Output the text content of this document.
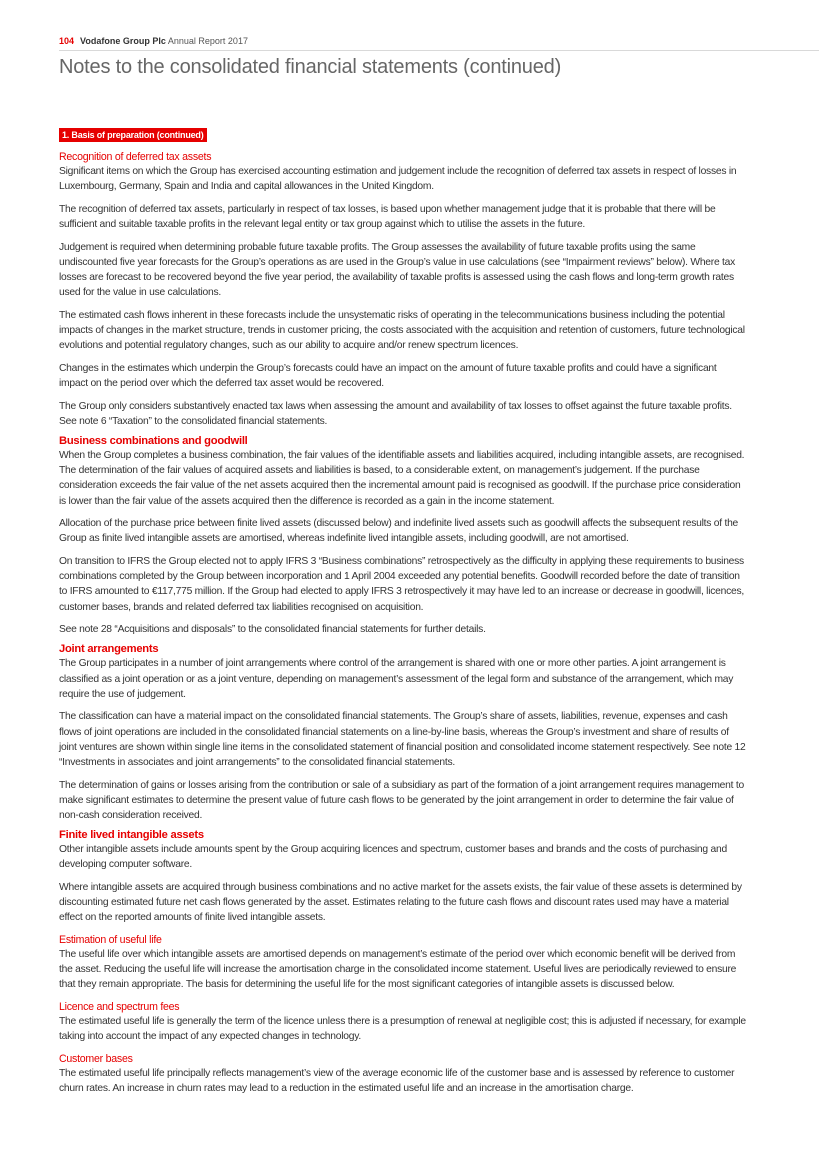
104 Vodafone Group Plc Annual Report 2017
Notes to the consolidated financial statements (continued)
1. Basis of preparation (continued)
Recognition of deferred tax assets

Significant items on which the Group has exercised accounting estimation and judgement include the recognition of deferred tax assets in respect of losses in Luxembourg, Germany, Spain and India and capital allowances in the United Kingdom.

The recognition of deferred tax assets, particularly in respect of tax losses, is based upon whether management judge that it is probable that there will be sufficient and suitable taxable profits in the relevant legal entity or tax group against which to utilise the assets in the future.

Judgement is required when determining probable future taxable profits. The Group assesses the availability of future taxable profits using the same undiscounted five year forecasts for the Group’s operations as are used in the Group’s value in use calculations (see “Impairment reviews” below). Where tax losses are forecast to be recovered beyond the five year period, the availability of taxable profits is assessed using the cash flows and long-term growth rates used for the value in use calculations.

The estimated cash flows inherent in these forecasts include the unsystematic risks of operating in the telecommunications business including the potential impacts of changes in the market structure, trends in customer pricing, the costs associated with the acquisition and retention of customers, future technological evolutions and potential regulatory changes, such as our ability to acquire and/or renew spectrum licences.

Changes in the estimates which underpin the Group’s forecasts could have an impact on the amount of future taxable profits and could have a significant impact on the period over which the deferred tax asset would be recovered.

The Group only considers substantively enacted tax laws when assessing the amount and availability of tax losses to offset against the future taxable profits. See note 6 “Taxation” to the consolidated financial statements.

Business combinations and goodwill

When the Group completes a business combination, the fair values of the identifiable assets and liabilities acquired, including intangible assets, are recognised. The determination of the fair values of acquired assets and liabilities is based, to a considerable extent, on management’s judgement. If the purchase consideration exceeds the fair value of the net assets acquired then the incremental amount paid is recognised as goodwill. If the purchase price consideration is lower than the fair value of the assets acquired then the difference is recorded as a gain in the income statement.

Allocation of the purchase price between finite lived assets (discussed below) and indefinite lived assets such as goodwill affects the subsequent results of the Group as finite lived intangible assets are amortised, whereas indefinite lived intangible assets, including goodwill, are not amortised.

On transition to IFRS the Group elected not to apply IFRS 3 “Business combinations” retrospectively as the difficulty in applying these requirements to business combinations completed by the Group between incorporation and 1 April 2004 exceeded any potential benefits. Goodwill recorded before the date of transition to IFRS amounted to €117,775 million. If the Group had elected to apply IFRS 3 retrospectively it may have led to an increase or decrease in goodwill, licences, customer bases, brands and related deferred tax liabilities recognised on acquisition.

See note 28 “Acquisitions and disposals” to the consolidated financial statements for further details.

Joint arrangements

The Group participates in a number of joint arrangements where control of the arrangement is shared with one or more other parties. A joint arrangement is classified as a joint operation or as a joint venture, depending on management’s assessment of the legal form and substance of the arrangement, which may require the use of judgement.

The classification can have a material impact on the consolidated financial statements. The Group’s share of assets, liabilities, revenue, expenses and cash flows of joint operations are included in the consolidated financial statements on a line-by-line basis, whereas the Group’s investment and share of results of joint ventures are shown within single line items in the consolidated statement of financial position and consolidated income statement respectively. See note 12 “Investments in associates and joint arrangements” to the consolidated financial statements.

The determination of gains or losses arising from the contribution or sale of a subsidiary as part of the formation of a joint arrangement requires management to make significant estimates to determine the present value of future cash flows to be generated by the joint arrangement in order to determine the fair value of non-cash consideration received.

Finite lived intangible assets

Other intangible assets include amounts spent by the Group acquiring licences and spectrum, customer bases and brands and the costs of purchasing and developing computer software.

Where intangible assets are acquired through business combinations and no active market for the assets exists, the fair value of these assets is determined by discounting estimated future net cash flows generated by the asset. Estimates relating to the future cash flows and discount rates used may have a material effect on the reported amounts of finite lived intangible assets.

Estimation of useful life

The useful life over which intangible assets are amortised depends on management’s estimate of the period over which economic benefit will be derived from the asset. Reducing the useful life will increase the amortisation charge in the consolidated income statement. Useful lives are periodically reviewed to ensure that they remain appropriate. The basis for determining the useful life for the most significant categories of intangible assets is discussed below.

Licence and spectrum fees

The estimated useful life is generally the term of the licence unless there is a presumption of renewal at negligible cost; this is adjusted if necessary, for example taking into account the impact of any expected changes in technology.

Customer bases

The estimated useful life principally reflects management’s view of the average economic life of the customer base and is assessed by reference to customer churn rates. An increase in churn rates may lead to a reduction in the estimated useful life and an increase in the amortisation charge.
